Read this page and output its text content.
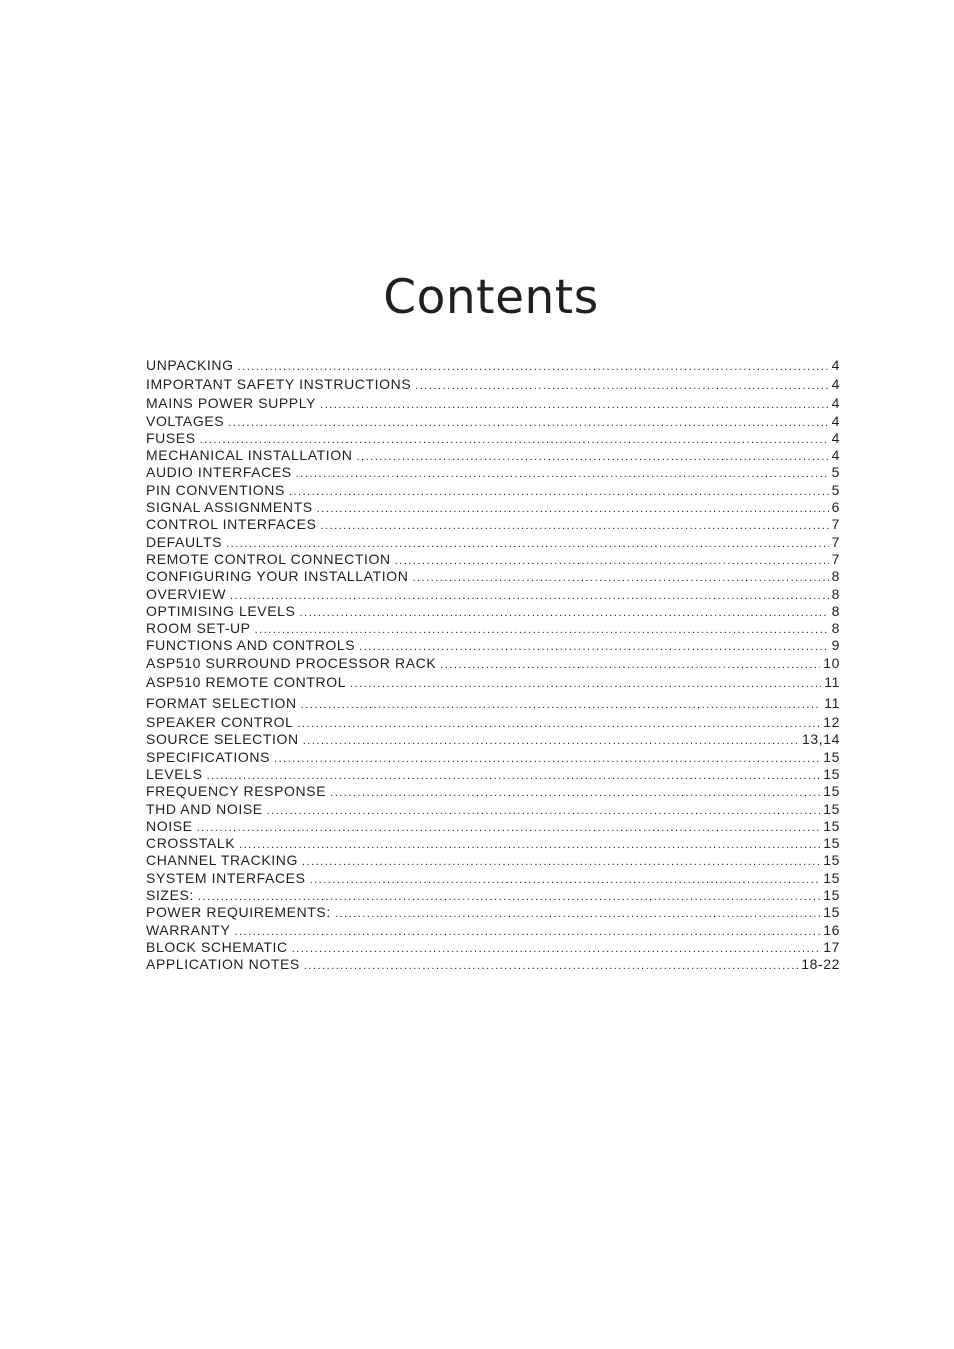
Contents
UNPACKING .....	4
IMPORTANT SAFETY INSTRUCTIONS .....	4
MAINS POWER SUPPLY .....	4
VOLTAGES .....	4
FUSES .....	4
MECHANICAL INSTALLATION .....	4
AUDIO INTERFACES .....	5
PIN CONVENTIONS .....	5
SIGNAL ASSIGNMENTS .....	6
CONTROL INTERFACES .....	7
DEFAULTS .....	7
REMOTE CONTROL CONNECTION .....	7
CONFIGURING YOUR INSTALLATION .....	8
OVERVIEW .....	8
OPTIMISING LEVELS .....	8
ROOM SET-UP .....	8
FUNCTIONS AND CONTROLS .....	9
ASP510 SURROUND PROCESSOR RACK .....	10
ASP510 REMOTE CONTROL .....	11
FORMAT SELECTION .....	11
SPEAKER CONTROL .....	12
SOURCE SELECTION .....	13,14
SPECIFICATIONS .....	15
LEVELS .....	15
FREQUENCY RESPONSE .....	15
THD AND NOISE .....	15
NOISE .....	15
CROSSTALK .....	15
CHANNEL TRACKING .....	15
SYSTEM INTERFACES .....	15
SIZES: .....	15
POWER REQUIREMENTS: .....	15
WARRANTY .....	16
BLOCK SCHEMATIC .....	17
APPLICATION NOTES .....	18-22
